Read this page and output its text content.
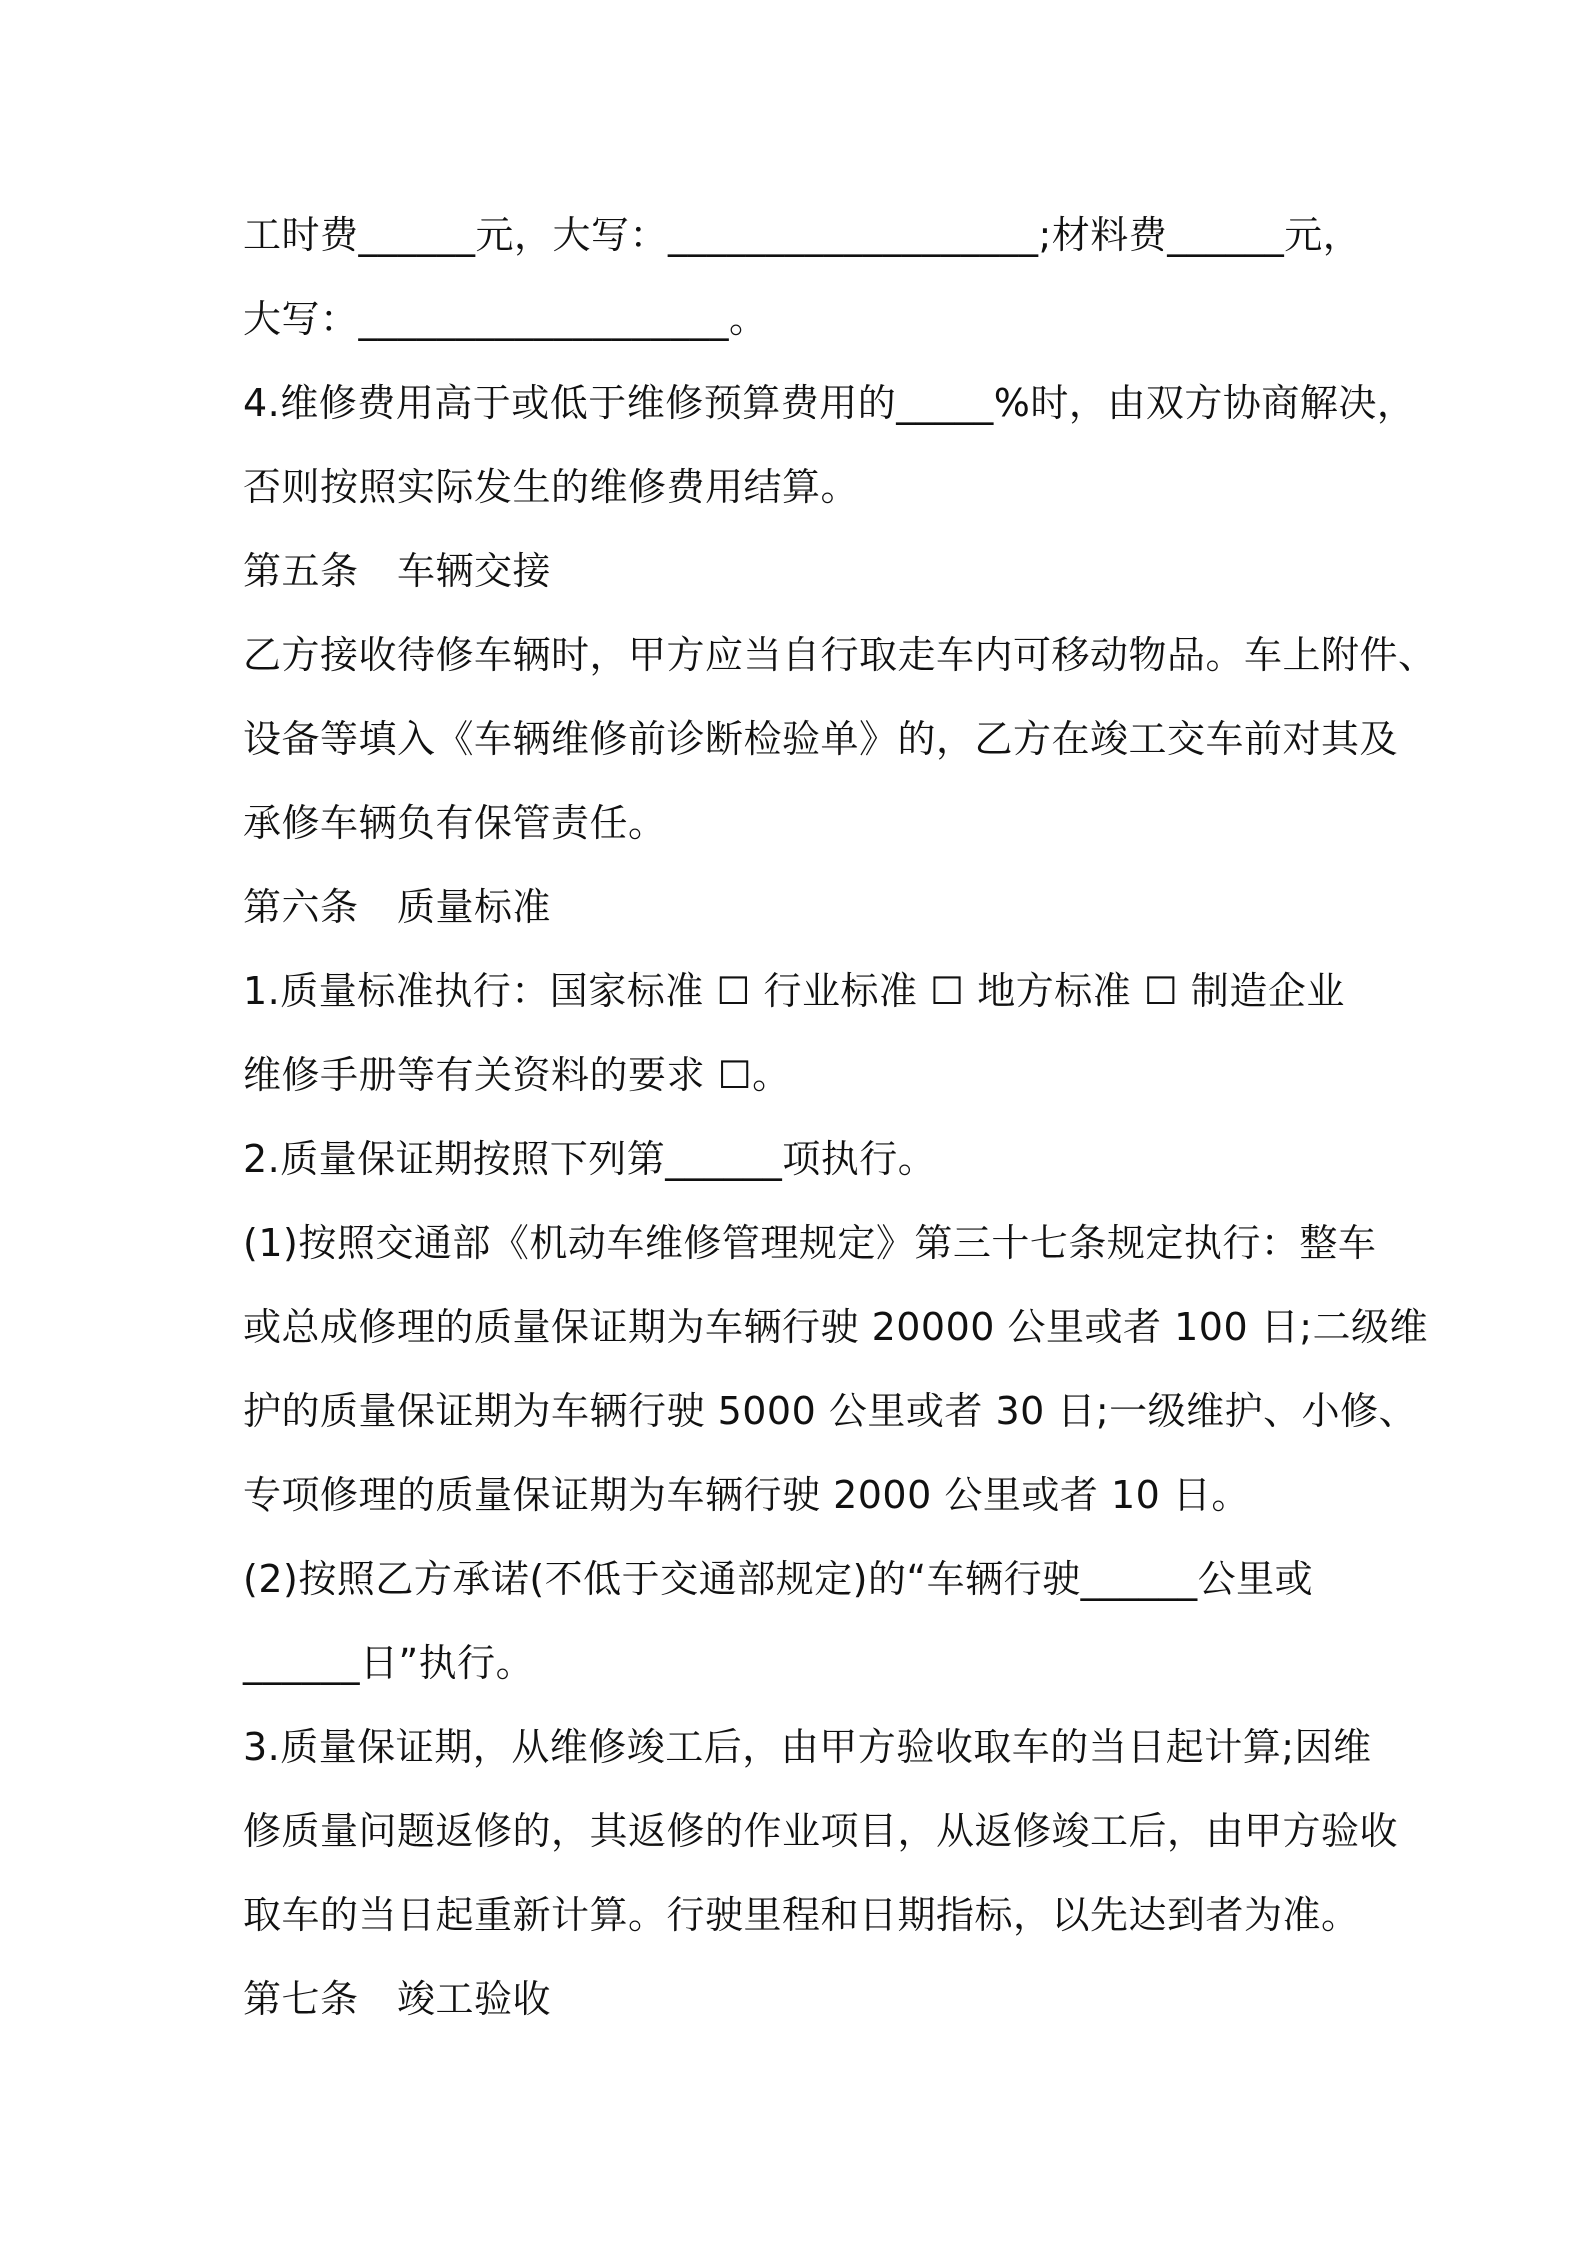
工时费______元，大写：___________________;材料费______元，
大写：___________________。
4.维修费用高于或低于维修预算费用的_____%时，由双方协商解决，
否则按照实际发生的维修费用结算。
第五条　车辆交接
乙方接收待修车辆时，甲方应当自行取走车内可移动物品。车上附件、
设备等填入《车辆维修前诊断检验单》的，乙方在竣工交车前对其及
承修车辆负有保管责任。
第六条　质量标准
1.质量标准执行：国家标准 ☐ 行业标准 ☐ 地方标准 ☐ 制造企业
维修手册等有关资料的要求 ☐。
2.质量保证期按照下列第______项执行。
(1)按照交通部《机动车维修管理规定》第三十七条规定执行：整车
或总成修理的质量保证期为车辆行驶 20000 公里或者 100 日;二级维
护的质量保证期为车辆行驶 5000 公里或者 30 日;一级维护、小修、
专项修理的质量保证期为车辆行驶 2000 公里或者 10 日。
(2)按照乙方承诺(不低于交通部规定)的“车辆行驶______公里或
______日”执行。
3.质量保证期，从维修竣工后，由甲方验收取车的当日起计算;因维
修质量问题返修的，其返修的作业项目，从返修竣工后，由甲方验收
取车的当日起重新计算。行驶里程和日期指标，以先达到者为准。
第七条　竣工验收
